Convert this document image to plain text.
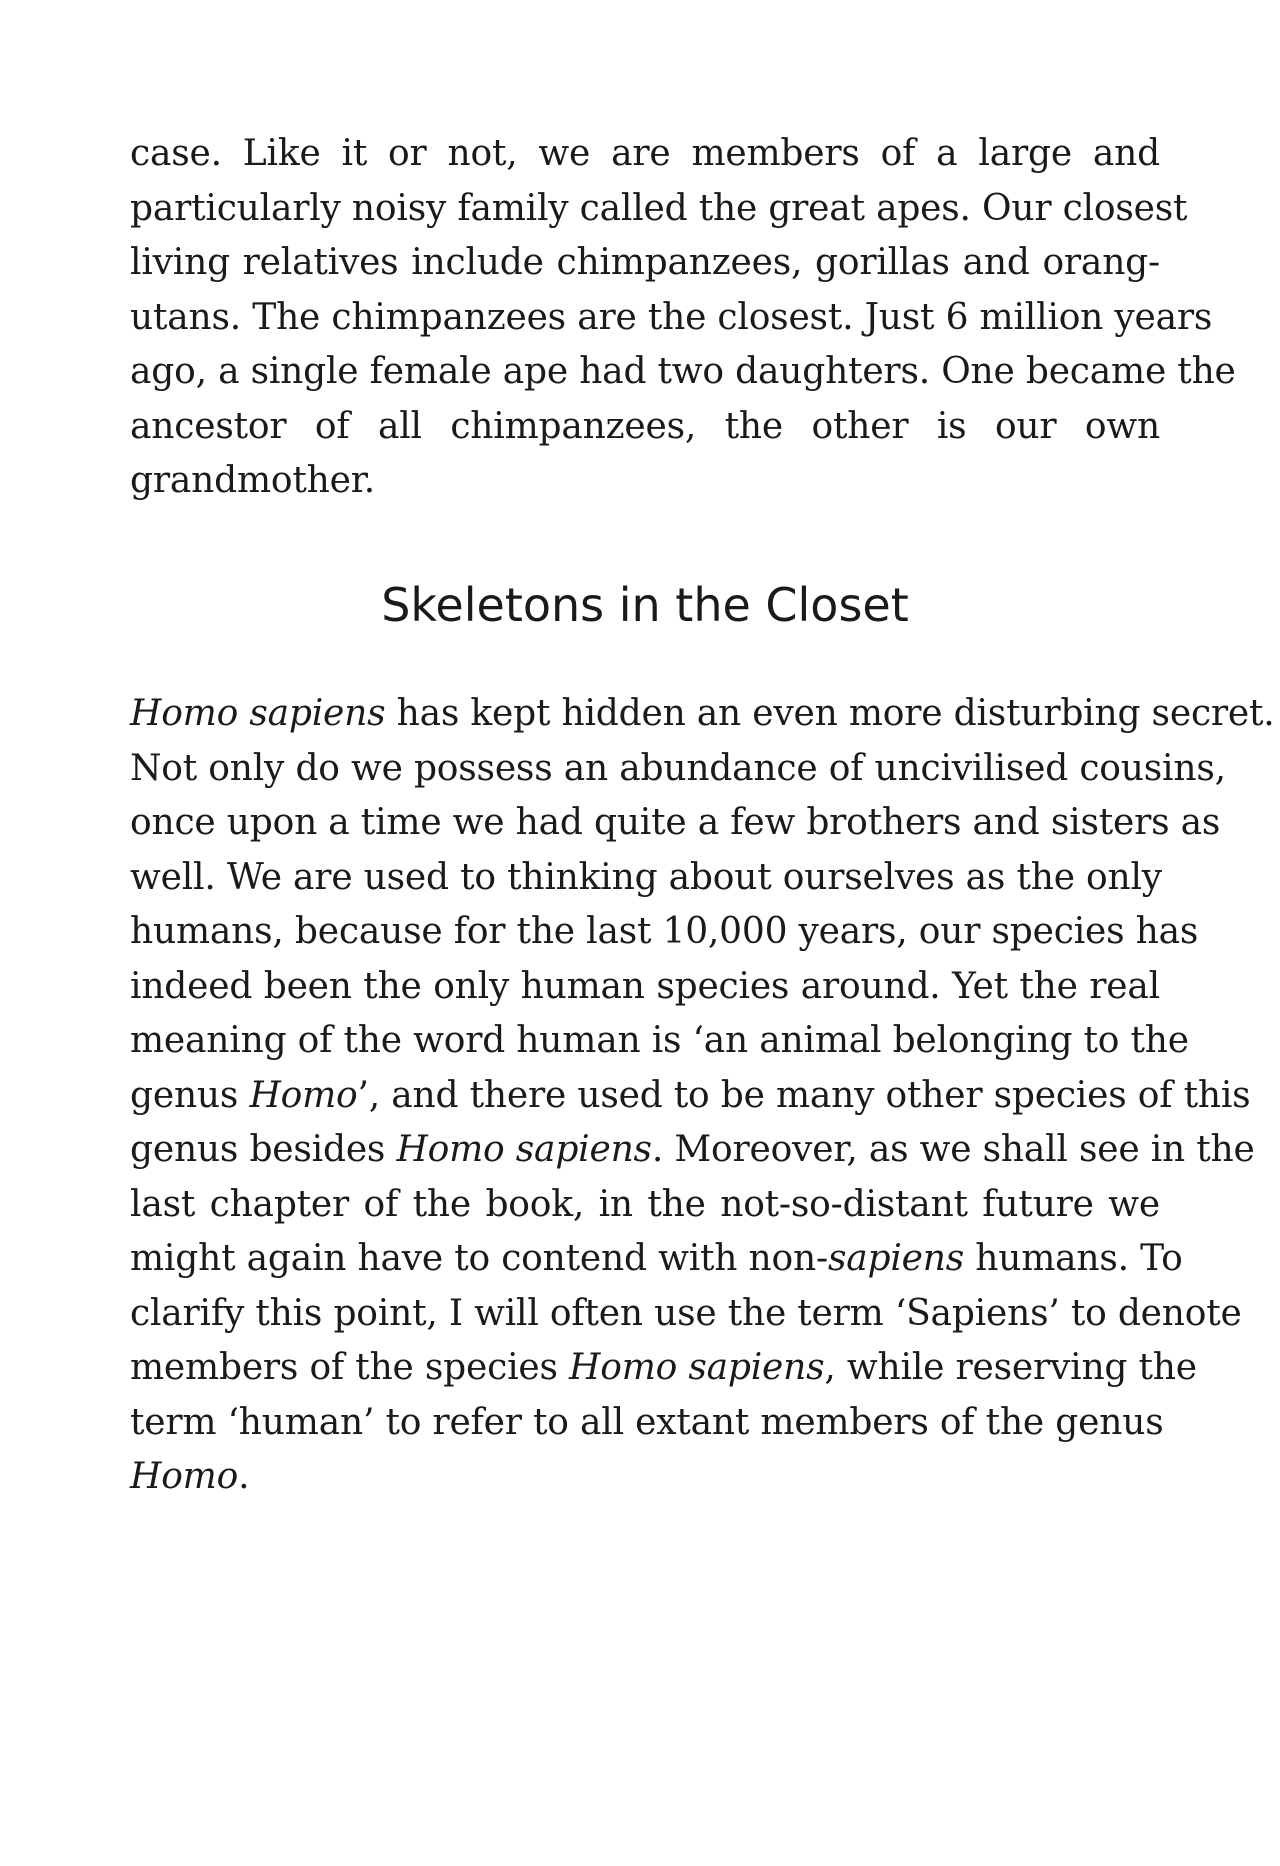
case. Like it or not, we are members of a large and
particularly noisy family called the great apes. Our closest
living relatives include chimpanzees, gorillas and orang-
utans. The chimpanzees are the closest. Just 6 million years
ago, a single female ape had two daughters. One became the
ancestor of all chimpanzees, the other is our own
grandmother.
Skeletons in the Closet
Homo sapiens has kept hidden an even more disturbing secret.
Not only do we possess an abundance of uncivilised cousins,
once upon a time we had quite a few brothers and sisters as
well. We are used to thinking about ourselves as the only
humans, because for the last 10,000 years, our species has
indeed been the only human species around. Yet the real
meaning of the word human is ‘an animal belonging to the
genus Homo’, and there used to be many other species of this
genus besides Homo sapiens. Moreover, as we shall see in the
last chapter of the book, in the not-so-distant future we
might again have to contend with non-sapiens humans. To
clarify this point, I will often use the term ‘Sapiens’ to denote
members of the species Homo sapiens, while reserving the
term ‘human’ to refer to all extant members of the genus
Homo.
